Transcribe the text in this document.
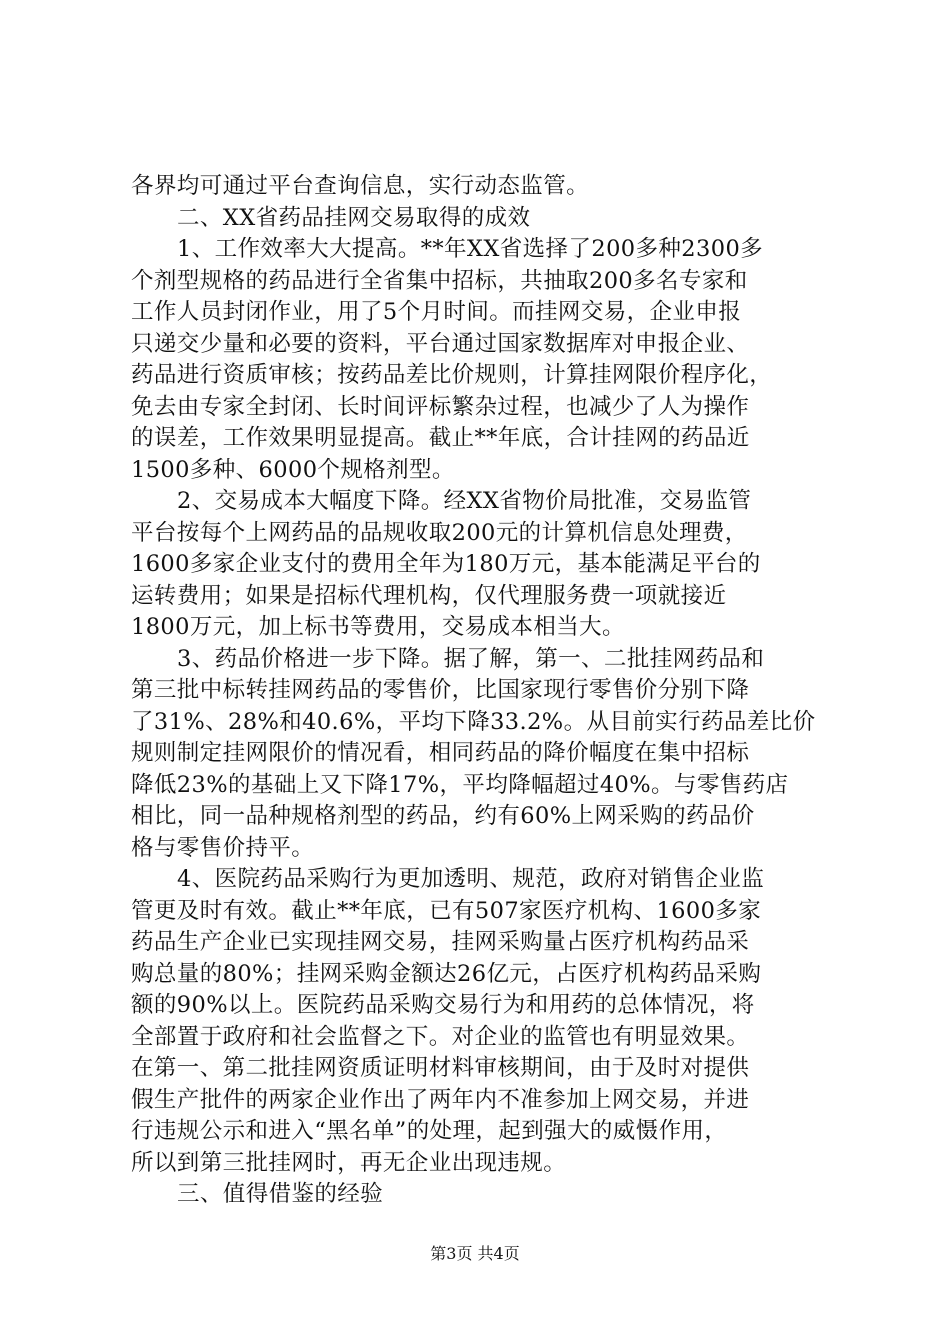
各界均可通过平台查询信息，实行动态监管。
二、XX省药品挂网交易取得的成效
1、工作效率大大提高。**年XX省选择了200多种2300多
个剂型规格的药品进行全省集中招标，共抽取200多名专家和
工作人员封闭作业，用了5个月时间。而挂网交易，企业申报
只递交少量和必要的资料，平台通过国家数据库对申报企业、
药品进行资质审核；按药品差比价规则，计算挂网限价程序化，
免去由专家全封闭、长时间评标繁杂过程，也减少了人为操作
的误差，工作效果明显提高。截止**年底，合计挂网的药品近
1500多种、6000个规格剂型。
2、交易成本大幅度下降。经XX省物价局批准，交易监管
平台按每个上网药品的品规收取200元的计算机信息处理费，
1600多家企业支付的费用全年为180万元，基本能满足平台的
运转费用；如果是招标代理机构，仅代理服务费一项就接近
1800万元，加上标书等费用，交易成本相当大。
3、药品价格进一步下降。据了解，第一、二批挂网药品和
第三批中标转挂网药品的零售价，比国家现行零售价分别下降
了31%、28%和40.6%，平均下降33.2%。从目前实行药品差比价
规则制定挂网限价的情况看，相同药品的降价幅度在集中招标
降低23%的基础上又下降17%，平均降幅超过40%。与零售药店
相比，同一品种规格剂型的药品，约有60%上网采购的药品价
格与零售价持平。
4、医院药品采购行为更加透明、规范，政府对销售企业监
管更及时有效。截止**年底，已有507家医疗机构、1600多家
药品生产企业已实现挂网交易，挂网采购量占医疗机构药品采
购总量的80%；挂网采购金额达26亿元，占医疗机构药品采购
额的90%以上。医院药品采购交易行为和用药的总体情况，将
全部置于政府和社会监督之下。对企业的监管也有明显效果。
在第一、第二批挂网资质证明材料审核期间，由于及时对提供
假生产批件的两家企业作出了两年内不准参加上网交易，并进
行违规公示和进入“黑名单”的处理，起到强大的威慑作用，
所以到第三批挂网时，再无企业出现违规。
三、值得借鉴的经验
第3页 共4页
